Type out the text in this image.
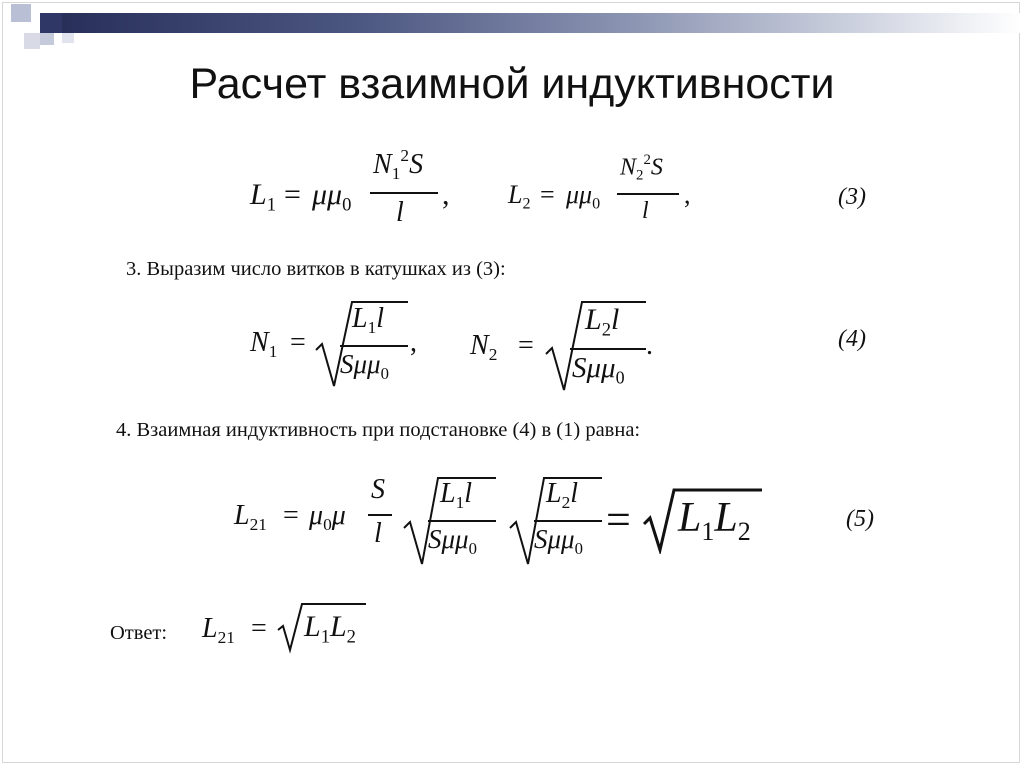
Расчет взаимной индуктивности
$L_1 = \mu\mu_0$
$N_1^2S$
l
, $L_2 = \mu\mu_0$
$N_2^2S$
l
,	(3)
3. Выразим число витков в катушках из (3):
$N_1$ =
$L_1l$
Sμμ$_0$
, $N_2$ =
$L_2l$
Sμμ$_0$
.	(4)
4. Взаимная индуктивность при подстановке (4) в (1) равна:
$L_{21} = \mu_0\mu$
S
l
$L_1l$
Sμμ$_0$
$L_2l$
Sμμ$_0$
= $L_1L_2$	(5)
Ответ: $L_{21} = L_1L_2$
